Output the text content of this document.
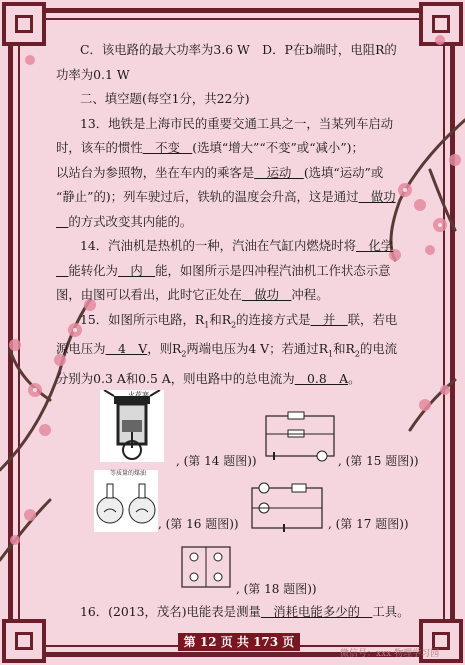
C．该电路的最大功率为3.6 W　D．P在b端时，电阻R的
功率为0.1 W
二、填空题(每空1分，共22分)
13．地铁是上海市民的重要交通工具之一，当某列车启动
时，该车的惯性　不变　(选填“增大”“不变”或“减小”)；
以站台为参照物，坐在车内的乘客是　运动　(选填“运动”或
“静止”的)；列车驶过后，铁轨的温度会升高，这是通过　做功
　的方式改变其内能的。
14．汽油机是热机的一种，汽油在气缸内燃烧时将　化学
　能转化为　内　能，如图所示是四冲程汽油机工作状态示意
图，由图可以看出，此时它正处在　做功　冲程。
15．如图所示电路，$R_1$和$R_2$的连接方式是　并　联，若电
源电压为　4　V，则$R_2$两端电压为4 V；若通过$R_1$和$R_2$的电流
分别为0.3 A和0.5 A，则电路中的总电流为　0.8　A。
火花塞
, (第 14 题图))	, (第 15 题图))
等质量的煤油
, (第 16 题图))	, (第 17 题图))
, (第 18 题图))
16．(2013，茂名)电能表是测量　消耗电能多少的　工具。
第 12 页 共 173 页
微信号：xxx 物理学习园
